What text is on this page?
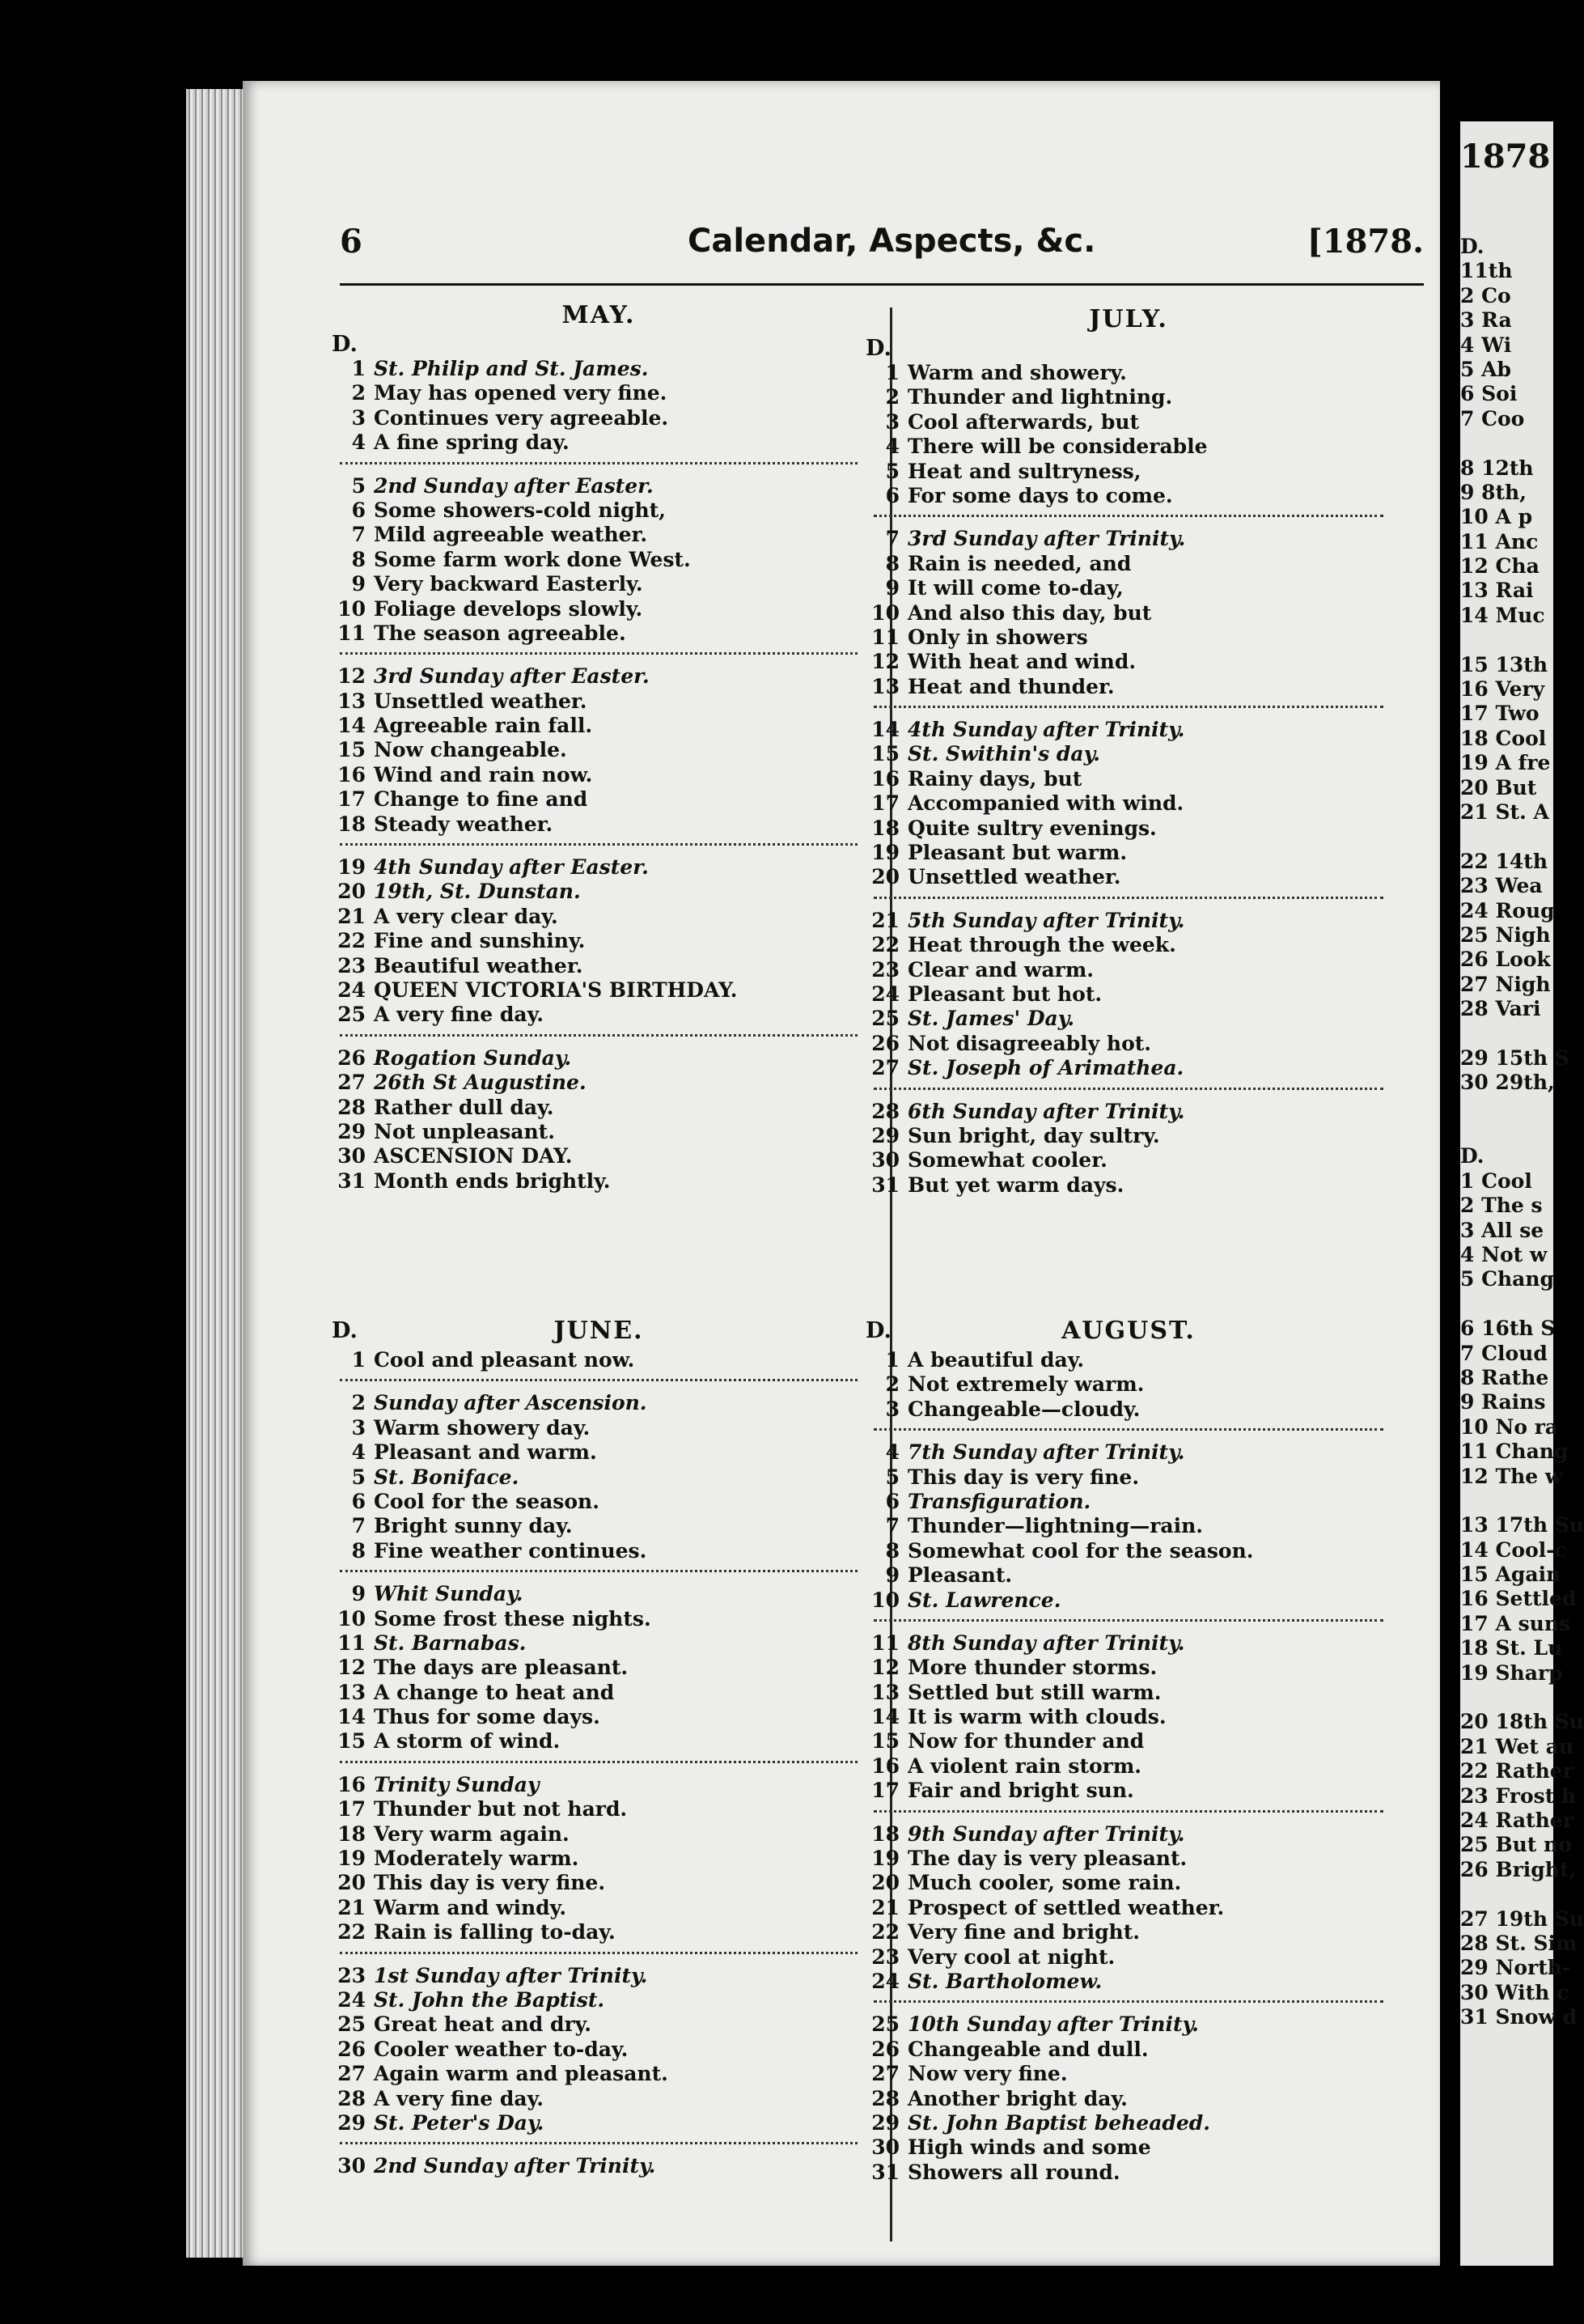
6	Calendar, Aspects, &c.	[1878.
MAY.
D.
1 St. Philip and St. James.
2 May has opened very fine.
3 Continues very agreeable.
4 A fine spring day.
5 2nd Sunday after Easter.
6 Some showers-cold night,
7 Mild agreeable weather.
8 Some farm work done West.
9 Very backward Easterly.
10 Foliage develops slowly.
11 The season agreeable.
12 3rd Sunday after Easter.
13 Unsettled weather.
14 Agreeable rain fall.
15 Now changeable.
16 Wind and rain now.
17 Change to fine and
18 Steady weather.
19 4th Sunday after Easter.
20 19th, St. Dunstan.
21 A very clear day.
22 Fine and sunshiny.
23 Beautiful weather.
24 QUEEN VICTORIA'S BIRTHDAY.
25 A very fine day.
26 Rogation Sunday.
27 26th St Augustine.
28 Rather dull day.
29 Not unpleasant.
30 ASCENSION DAY.
31 Month ends brightly.
D.	JUNE.
1 Cool and pleasant now.
2 Sunday after Ascension.
3 Warm showery day.
4 Pleasant and warm.
5 St. Boniface.
6 Cool for the season.
7 Bright sunny day.
8 Fine weather continues.
9 Whit Sunday.
10 Some frost these nights.
11 St. Barnabas.
12 The days are pleasant.
13 A change to heat and
14 Thus for some days.
15 A storm of wind.
16 Trinity Sunday
17 Thunder but not hard.
18 Very warm again.
19 Moderately warm.
20 This day is very fine.
21 Warm and windy.
22 Rain is falling to-day.
23 1st Sunday after Trinity.
24 St. John the Baptist.
25 Great heat and dry.
26 Cooler weather to-day.
27 Again warm and pleasant.
28 A very fine day.
29 St. Peter's Day.
30 2nd Sunday after Trinity.
JULY.
D.
1 Warm and showery.
2 Thunder and lightning.
3 Cool afterwards, but
4 There will be considerable
5 Heat and sultryness,
6 For some days to come.
7 3rd Sunday after Trinity.
8 Rain is needed, and
9 It will come to-day,
10 And also this day, but
11 Only in showers
12 With heat and wind.
13 Heat and thunder.
14 4th Sunday after Trinity.
15 St. Swithin's day.
16 Rainy days, but
17 Accompanied with wind.
18 Quite sultry evenings.
19 Pleasant but warm.
20 Unsettled weather.
21 5th Sunday after Trinity.
22 Heat through the week.
23 Clear and warm.
24 Pleasant but hot.
25 St. James' Day.
26 Not disagreeably hot.
27 St. Joseph of Arimathea.
28 6th Sunday after Trinity.
29 Sun bright, day sultry.
30 Somewhat cooler.
31 But yet warm days.
D.	AUGUST.
1 A beautiful day.
2 Not extremely warm.
3 Changeable—cloudy.
4 7th Sunday after Trinity.
5 This day is very fine.
6 Transfiguration.
7 Thunder—lightning—rain.
8 Somewhat cool for the season.
9 Pleasant.
10 St. Lawrence.
11 8th Sunday after Trinity.
12 More thunder storms.
13 Settled but still warm.
14 It is warm with clouds.
15 Now for thunder and
16 A violent rain storm.
17 Fair and bright sun.
18 9th Sunday after Trinity.
19 The day is very pleasant.
20 Much cooler, some rain.
21 Prospect of settled weather.
22 Very fine and bright.
23 Very cool at night.
24 St. Bartholomew.
25 10th Sunday after Trinity.
26 Changeable and dull.
27 Now very fine.
28 Another bright day.
29 St. John Baptist beheaded.
30 High winds and some
31 Showers all round.
1878
D.
11th
2 Co
3 Ra
4 Wi
5 Ab
6 Soi
7 Coo
8 12th
9 8th,
10 A p
11 Anc
12 Cha
13 Rai
14 Muc
15 13th
16 Very
17 Two
18 Cool
19 A fre
20 But
21 St. A
22 14th
23 Wea
24 Roug
25 Nigh
26 Look
27 Nigh
28 Vari
29 15th S
30 29th,
D.
1 Cool
2 The s
3 All se
4 Not w
5 Chang
6 16th S
7 Cloud
8 Rathe
9 Rains
10 No ra
11 Chang
12 The w
13 17th Su
14 Cool-c
15 Again
16 Settled
17 A suns
18 St. Lu
19 Sharp
20 18th Su
21 Wet au
22 Rather
23 Frost h
24 Rather
25 But no
26 Bright,
27 19th Su
28 St. Sim
29 North-
30 With c
31 Snow d
